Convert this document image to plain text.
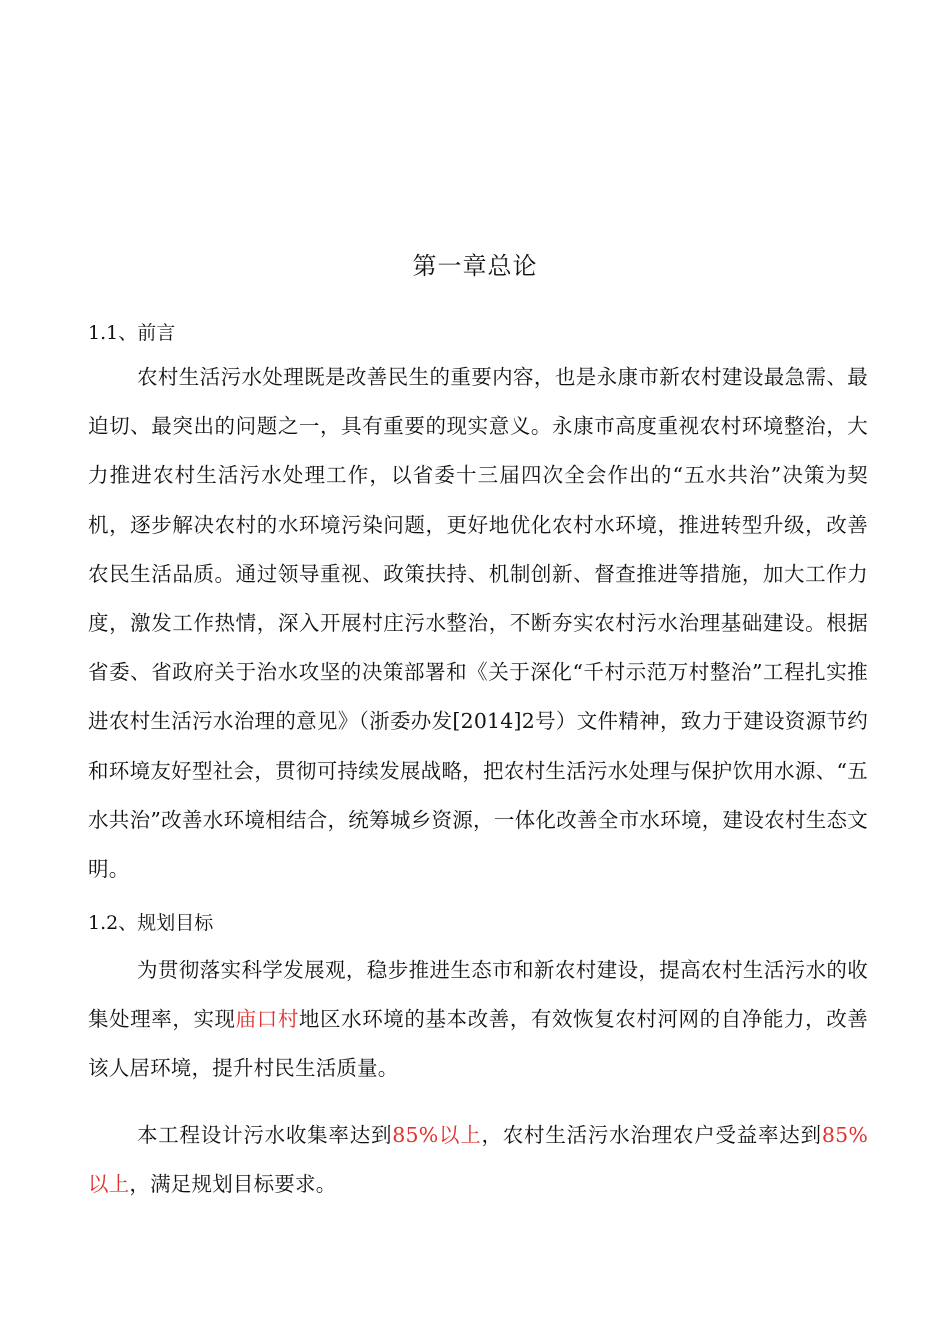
第一章总论
1.1、前言
农村生活污水处理既是改善民生的重要内容，也是永康市新农村建设最急需、最迫切、最突出的问题之一，具有重要的现实意义。永康市高度重视农村环境整治，大力推进农村生活污水处理工作，以省委十三届四次全会作出的“五水共治”决策为契机，逐步解决农村的水环境污染问题，更好地优化农村水环境，推进转型升级，改善农民生活品质。通过领导重视、政策扶持、机制创新、督查推进等措施，加大工作力度，激发工作热情，深入开展村庄污水整治，不断夯实农村污水治理基础建设。根据省委、省政府关于治水攻坚的决策部署和《关于深化“千村示范万村整治”工程扎实推进农村生活污水治理的意见》（浙委办发[2014]2号）文件精神，致力于建设资源节约和环境友好型社会，贯彻可持续发展战略，把农村生活污水处理与保护饮用水源、“五水共治”改善水环境相结合，统筹城乡资源，一体化改善全市水环境，建设农村生态文明。
1.2、规划目标
为贯彻落实科学发展观，稳步推进生态市和新农村建设，提高农村生活污水的收集处理率，实现庙口村地区水环境的基本改善，有效恢复农村河网的自净能力，改善该人居环境，提升村民生活质量。
本工程设计污水收集率达到85%以上，农村生活污水治理农户受益率达到85%以上，满足规划目标要求。
